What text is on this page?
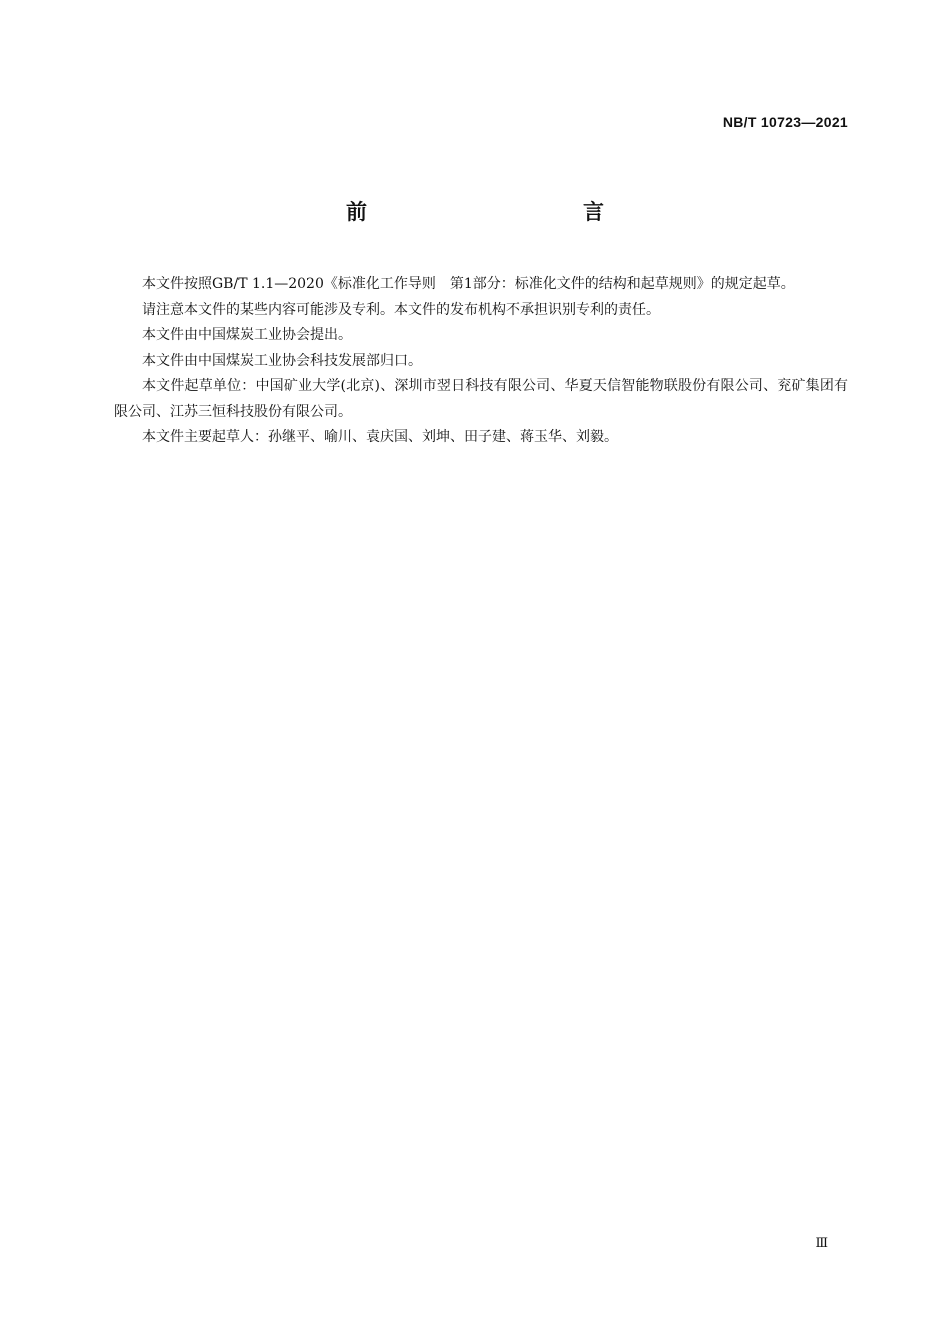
NB/T 10723—2021
前　　言

本文件按照GB/T 1.1—2020《标准化工作导则　第1部分：标准化文件的结构和起草规则》的规定起草。

请注意本文件的某些内容可能涉及专利。本文件的发布机构不承担识别专利的责任。

本文件由中国煤炭工业协会提出。

本文件由中国煤炭工业协会科技发展部归口。

本文件起草单位：中国矿业大学(北京)、深圳市翌日科技有限公司、华夏天信智能物联股份有限公司、兖矿集团有限公司、江苏三恒科技股份有限公司。

本文件主要起草人：孙继平、喻川、袁庆国、刘坤、田子建、蒋玉华、刘毅。

Ⅲ
